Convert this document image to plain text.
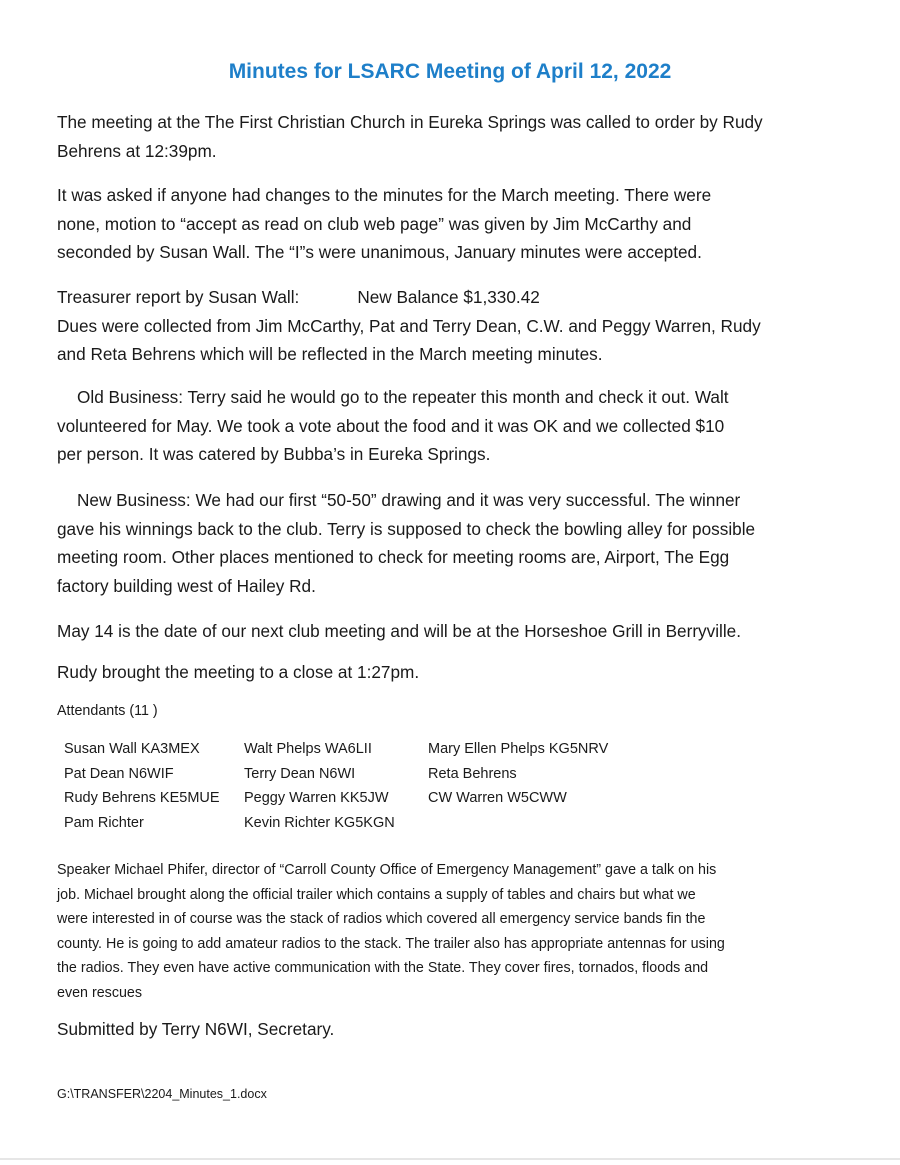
Minutes for LSARC Meeting of April 12, 2022
The meeting at the The First Christian Church in Eureka Springs was called to order by Rudy
Behrens at 12:39pm.
It was asked if anyone had changes to the minutes for the March meeting. There were
none, motion to “accept as read on club web page” was given by Jim McCarthy and
seconded by Susan Wall. The “I”s were unanimous, January minutes were accepted.
Treasurer report by Susan Wall:	New Balance $1,330.42
Dues were collected from Jim McCarthy, Pat and Terry Dean, C.W. and Peggy Warren, Rudy
and Reta Behrens which will be reflected in the March meeting minutes.
Old Business: Terry said he would go to the repeater this month and check it out. Walt
volunteered for May. We took a vote about the food and it was OK and we collected $10
per person. It was catered by Bubba’s in Eureka Springs.
New Business: We had our first “50-50” drawing and it was very successful. The winner
gave his winnings back to the club. Terry is supposed to check the bowling alley for possible
meeting room. Other places mentioned to check for meeting rooms are, Airport, The Egg
factory building west of Hailey Rd.
May 14 is the date of our next club meeting and will be at the Horseshoe Grill in Berryville.
Rudy brought the meeting to a close at 1:27pm.
Attendants (11 )
Susan Wall KA3MEX	Walt Phelps WA6LII	Mary Ellen Phelps KG5NRV
Pat Dean N6WIF	Terry Dean N6WI	Reta Behrens
Rudy Behrens KE5MUE	Peggy Warren KK5JW	CW Warren W5CWW
Pam Richter	Kevin Richter KG5KGN	
Speaker Michael Phifer, director of “Carroll County Office of Emergency Management” gave a talk on his
job. Michael brought along the official trailer which contains a supply of tables and chairs but what we
were interested in of course was the stack of radios which covered all emergency service bands fin the
county. He is going to add amateur radios to the stack. The trailer also has appropriate antennas for using
the radios. They even have active communication with the State. They cover fires, tornados, floods and
even rescues
Submitted by Terry N6WI, Secretary.
G:\TRANSFER\2204_Minutes_1.docx
